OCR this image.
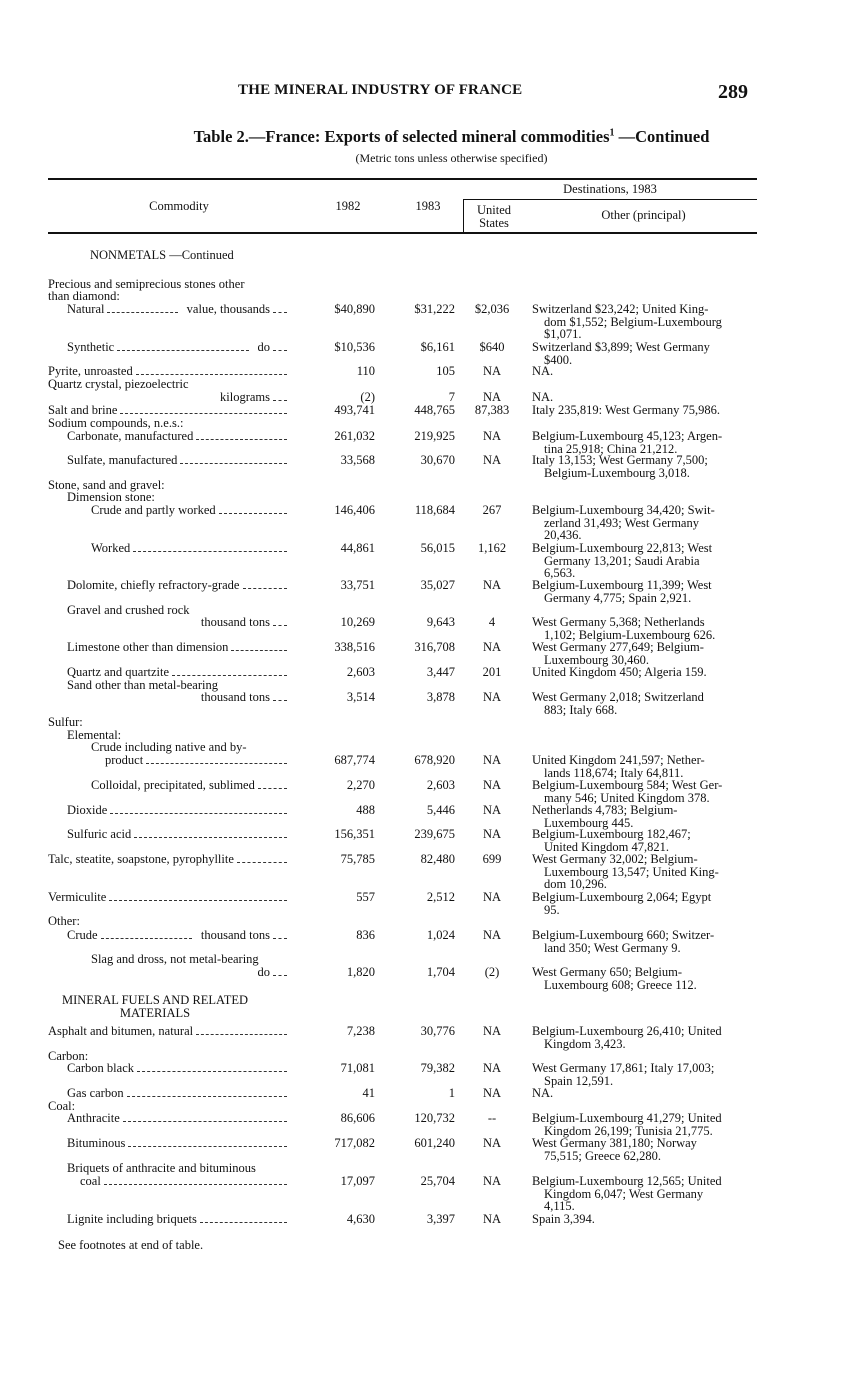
THE MINERAL INDUSTRY OF FRANCE	289
Table 2.—France: Exports of selected mineral commodities$^1$ —Continued
(Metric tons unless otherwise specified)
Commodity	1982	1983
Destinations, 1983
United
States
Other (principal)
NONMETALS —Continued
MINERAL FUELS AND RELATED
MATERIALS
Precious and semiprecious stones other
than diamond:
Natural	value, thousands	$40,890	$31,222	$2,036	Switzerland $23,242; United King-
dom $1,552; Belgium-Luxembourg
$1,071.
Synthetic	do	$10,536	$6,161	$640	Switzerland $3,899; West Germany
$400.
Pyrite, unroasted	110	105	NA	NA.
Quartz crystal, piezoelectric
kilograms	(2)	7	NA	NA.
Salt and brine	493,741	448,765	87,383	Italy 235,819: West Germany 75,986.
Sodium compounds, n.e.s.:
Carbonate, manufactured	261,032	219,925	NA	Belgium-Luxembourg 45,123; Argen-
tina 25,918; China 21,212.
Sulfate, manufactured	33,568	30,670	NA	Italy 13,153; West Germany 7,500;
Belgium-Luxembourg 3,018.
Stone, sand and gravel:
Dimension stone:
Crude and partly worked	146,406	118,684	267	Belgium-Luxembourg 34,420; Swit-
zerland 31,493; West Germany
20,436.
Worked	44,861	56,015	1,162	Belgium-Luxembourg 22,813; West
Germany 13,201; Saudi Arabia
6,563.
Dolomite, chiefly refractory-grade	33,751	35,027	NA	Belgium-Luxembourg 11,399; West
Germany 4,775; Spain 2,921.
Gravel and crushed rock
thousand tons	10,269	9,643	4	West Germany 5,368; Netherlands
1,102; Belgium-Luxembourg 626.
Limestone other than dimension	338,516	316,708	NA	West Germany 277,649; Belgium-
Luxembourg 30,460.
Quartz and quartzite	2,603	3,447	201	United Kingdom 450; Algeria 159.
Sand other than metal-bearing
thousand tons	3,514	3,878	NA	West Germany 2,018; Switzerland
883; Italy 668.
Sulfur:
Elemental:
Crude including native and by-
product	687,774	678,920	NA	United Kingdom 241,597; Nether-
lands 118,674; Italy 64,811.
Colloidal, precipitated, sublimed	2,270	2,603	NA	Belgium-Luxembourg 584; West Ger-
many 546; United Kingdom 378.
Dioxide	488	5,446	NA	Netherlands 4,783; Belgium-
Luxembourg 445.
Sulfuric acid	156,351	239,675	NA	Belgium-Luxembourg 182,467;
United Kingdom 47,821.
Talc, steatite, soapstone, pyrophyllite	75,785	82,480	699	West Germany 32,002; Belgium-
Luxembourg 13,547; United King-
dom 10,296.
Vermiculite	557	2,512	NA	Belgium-Luxembourg 2,064; Egypt
95.
Other:
Crude	thousand tons	836	1,024	NA	Belgium-Luxembourg 660; Switzer-
land 350; West Germany 9.
Slag and dross, not metal-bearing
do	1,820	1,704	(2)	West Germany 650; Belgium-
Luxembourg 608; Greece 112.
Asphalt and bitumen, natural	7,238	30,776	NA	Belgium-Luxembourg 26,410; United
Kingdom 3,423.
Carbon:
Carbon black	71,081	79,382	NA	West Germany 17,861; Italy 17,003;
Spain 12,591.
Gas carbon	41	1	NA	NA.
Coal:
Anthracite	86,606	120,732	--	Belgium-Luxembourg 41,279; United
Kingdom 26,199; Tunisia 21,775.
Bituminous	717,082	601,240	NA	West Germany 381,180; Norway
75,515; Greece 62,280.
Briquets of anthracite and bituminous
coal	17,097	25,704	NA	Belgium-Luxembourg 12,565; United
Kingdom 6,047; West Germany
4,115.
Lignite including briquets	4,630	3,397	NA	Spain 3,394.
See footnotes at end of table.
